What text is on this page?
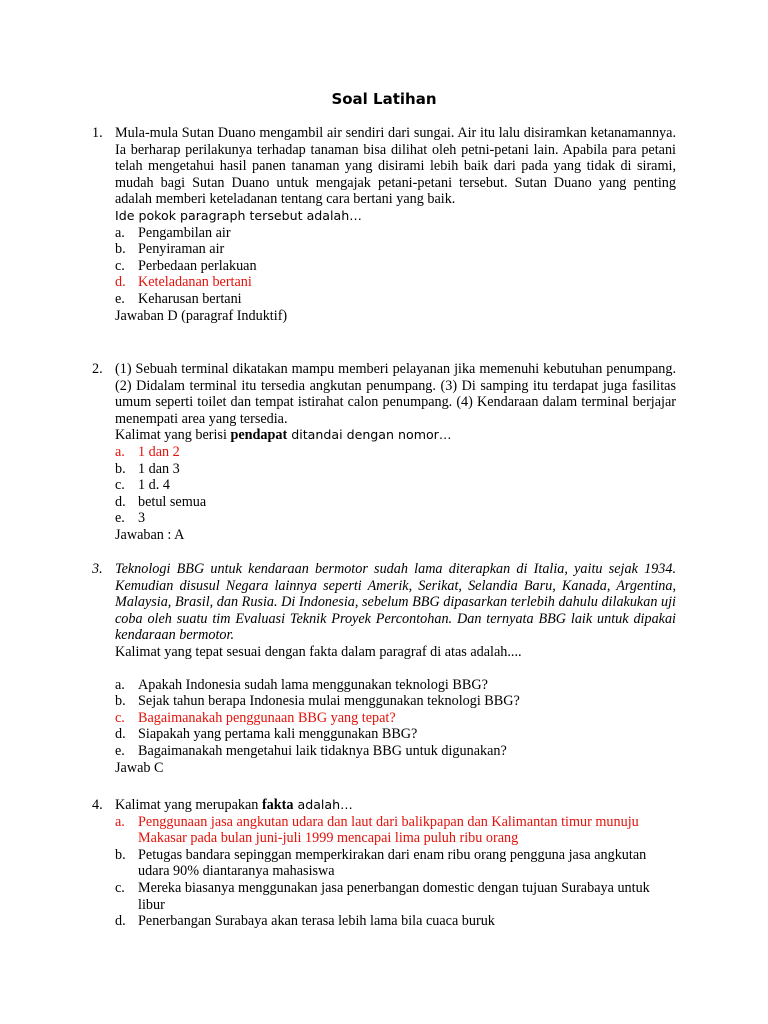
Soal Latihan
1. Mula-mula Sutan Duano mengambil air sendiri dari sungai. Air itu lalu disiramkan ketanamannya. Ia berharap perilakunya terhadap tanaman bisa dilihat oleh petni-petani lain. Apabila para petani telah mengetahui hasil panen tanaman yang disirami lebih baik dari pada yang tidak di sirami, mudah bagi Sutan Duano untuk mengajak petani-petani tersebut. Sutan Duano yang penting adalah memberi keteladanan tentang cara bertani yang baik.
Ide pokok paragraph tersebut adalah…
a. Pengambilan air
b. Penyiraman air
c. Perbedaan perlakuan
d. Keteladanan bertani
e. Keharusan bertani
Jawaban D (paragraf Induktif)
2. (1) Sebuah terminal dikatakan mampu memberi pelayanan jika memenuhi kebutuhan penumpang. (2) Didalam terminal itu tersedia angkutan penumpang. (3) Di samping itu terdapat juga fasilitas umum seperti toilet dan tempat istirahat calon penumpang. (4) Kendaraan dalam terminal berjajar menempati area yang tersedia.
Kalimat yang berisi pendapat ditandai dengan nomor…
a. 1 dan 2
b. 1 dan 3
c. 1 d. 4
d. betul semua
e. 3
Jawaban : A
3. Teknologi BBG untuk kendaraan bermotor sudah lama diterapkan di Italia, yaitu sejak 1934. Kemudian disusul Negara lainnya seperti Amerik, Serikat, Selandia Baru, Kanada, Argentina, Malaysia, Brasil, dan Rusia. Di Indonesia, sebelum BBG dipasarkan terlebih dahulu dilakukan uji coba oleh suatu tim Evaluasi Teknik Proyek Percontohan. Dan ternyata BBG laik untuk dipakai kendaraan bermotor.
Kalimat yang tepat sesuai dengan fakta dalam paragraf di atas adalah....
a. Apakah Indonesia sudah lama menggunakan teknologi BBG?
b. Sejak tahun berapa Indonesia mulai menggunakan teknologi BBG?
c. Bagaimanakah penggunaan BBG yang tepat?
d. Siapakah yang pertama kali menggunakan BBG?
e. Bagaimanakah mengetahui laik tidaknya BBG untuk digunakan?
Jawab C
4. Kalimat yang merupakan fakta adalah…
a. Penggunaan jasa angkutan udara dan laut dari balikpapan dan Kalimantan timur munuju Makasar pada bulan juni-juli 1999 mencapai lima puluh ribu orang
b. Petugas bandara sepinggan memperkirakan dari enam ribu orang pengguna jasa angkutan udara 90% diantaranya mahasiswa
c. Mereka biasanya menggunakan jasa penerbangan domestic dengan tujuan Surabaya untuk libur
d. Penerbangan Surabaya akan terasa lebih lama bila cuaca buruk
